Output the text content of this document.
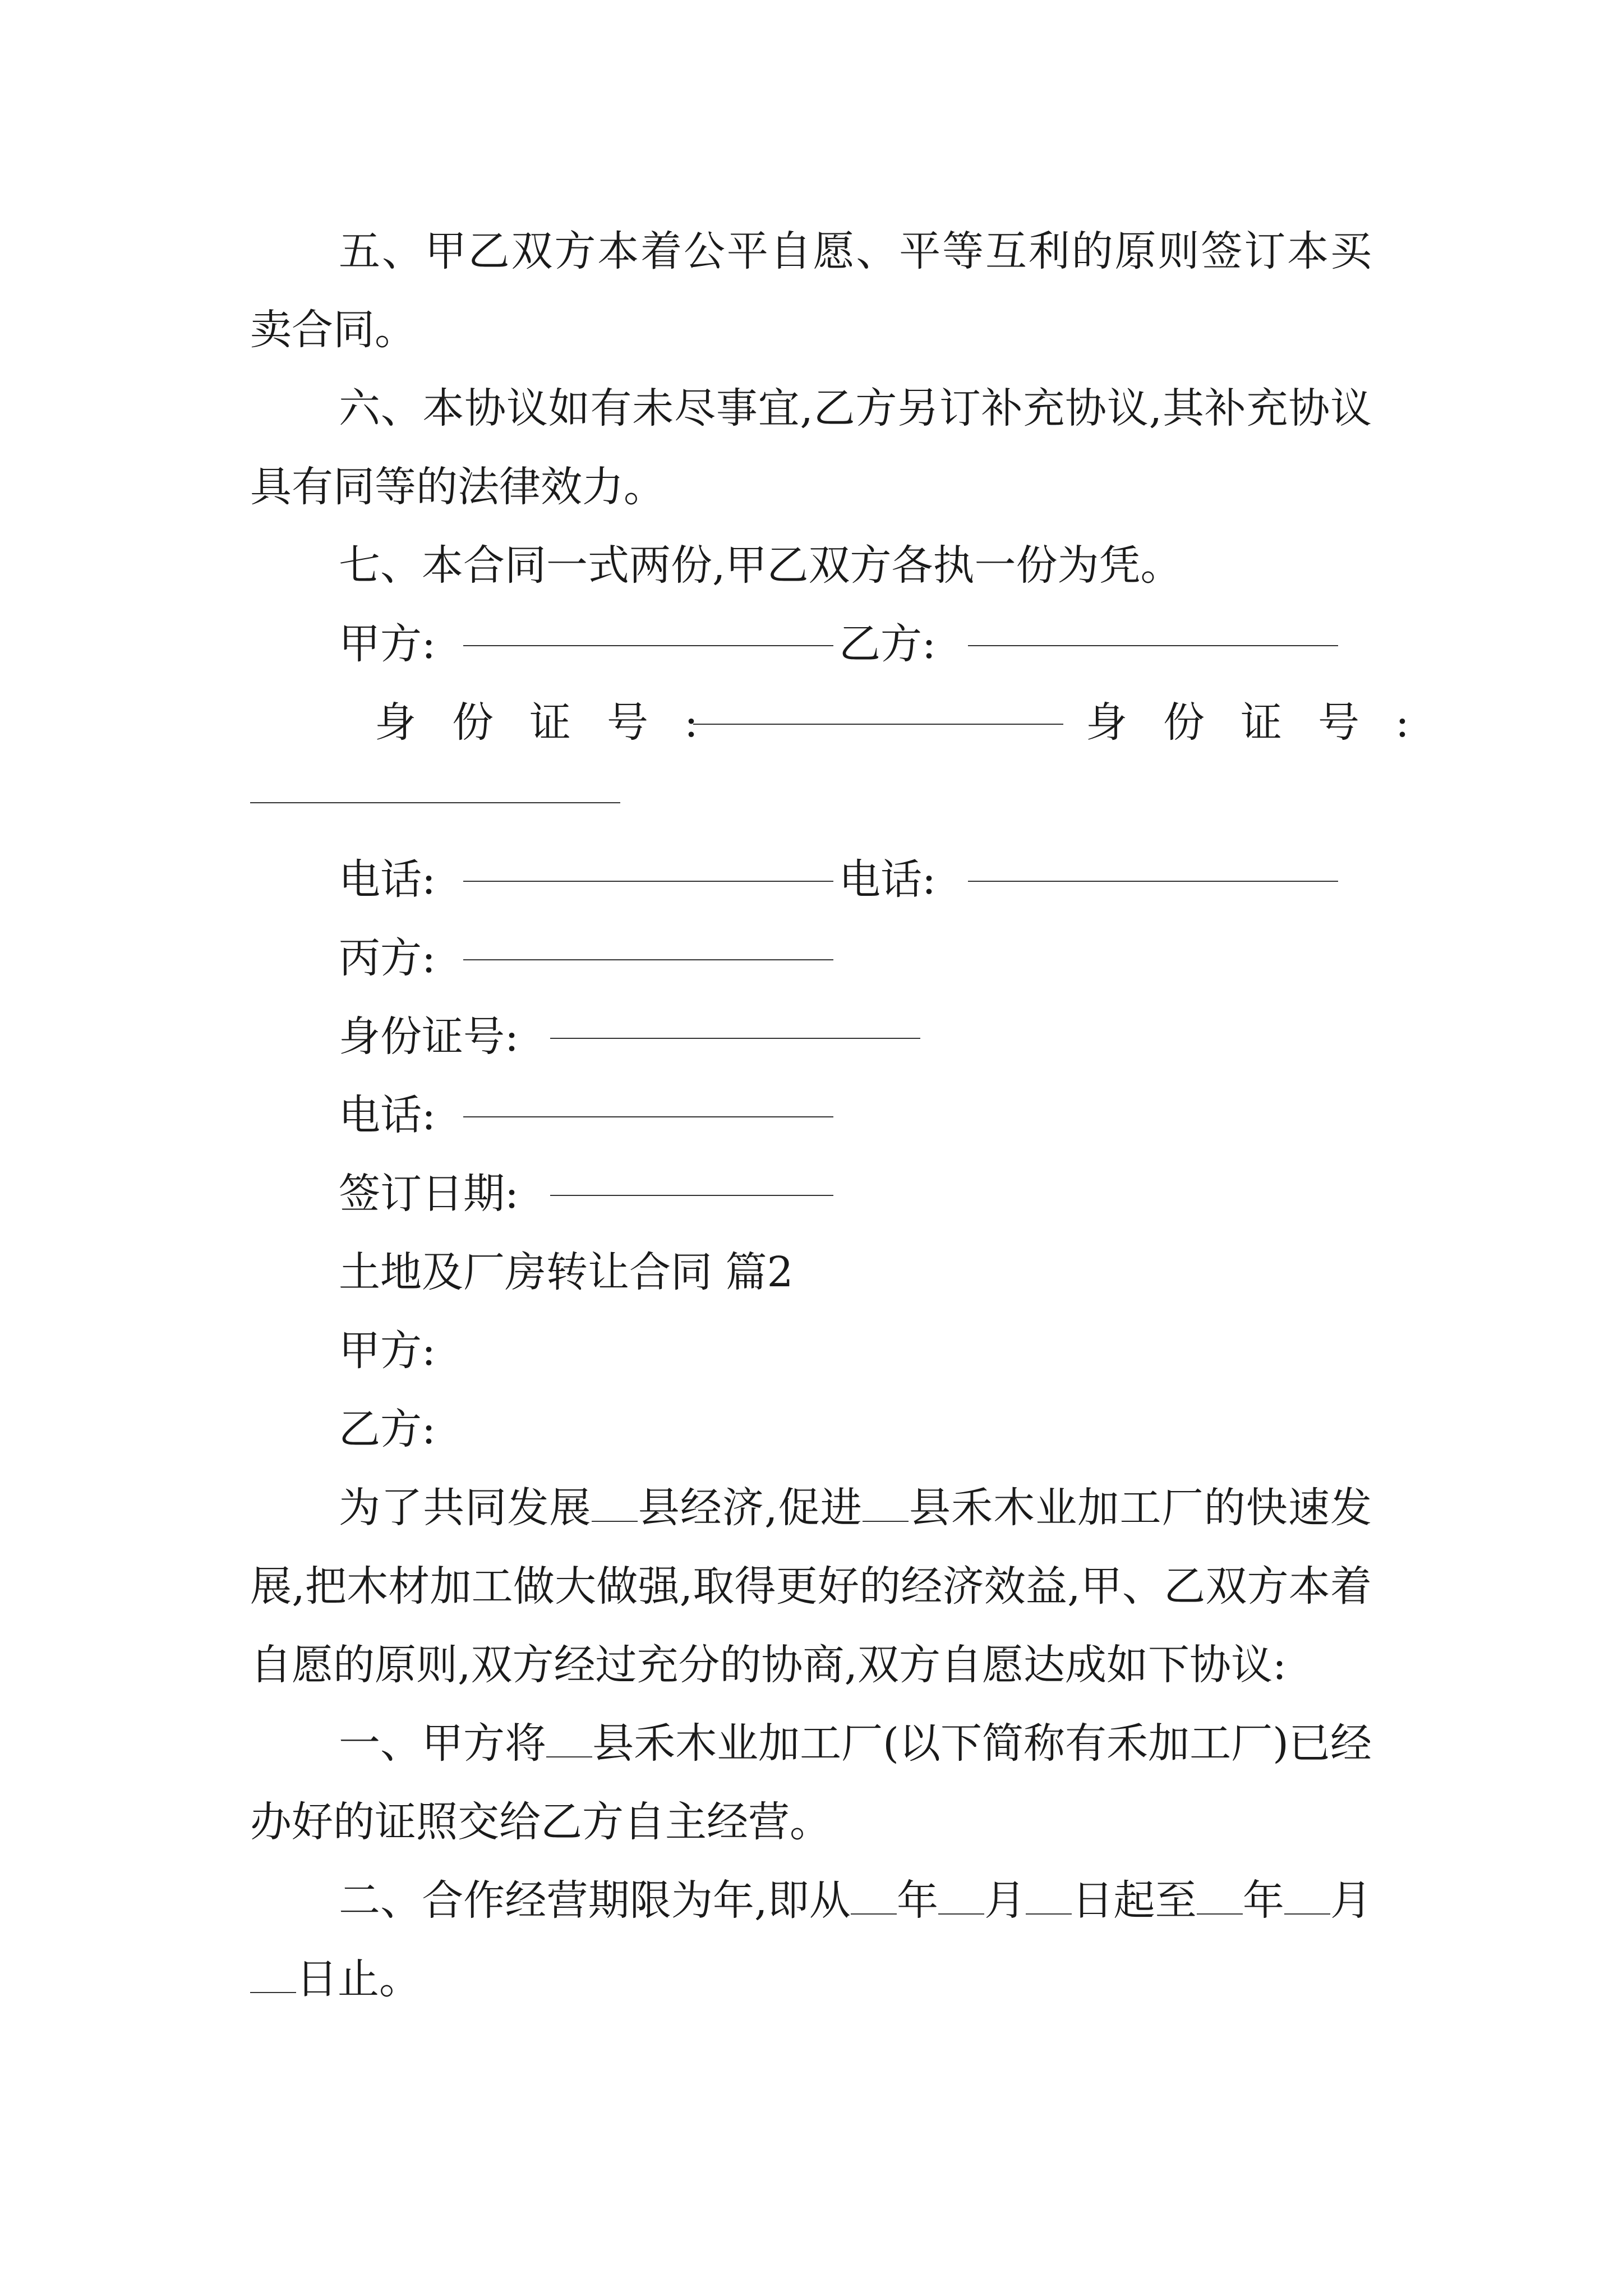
五、甲乙双方本着公平自愿、平等互利的原则签订本买卖合同。

六、本协议如有未尽事宜,乙方另订补充协议,其补充协议具有同等的法律效力。

七、本合同一式两份,甲乙双方各执一份为凭。

甲方:	乙方:
身份证号:	身份证号:
电话:	电话:
丙方:
身份证号:
电话:
签订日期:

土地及厂房转让合同 篇2

甲方:

乙方:

为了共同发展 县经济,促进 县禾木业加工厂的快速发展,把木材加工做大做强,取得更好的经济效益,甲、乙双方本着自愿的原则,双方经过充分的协商,双方自愿达成如下协议:

一、甲方将 县禾木业加工厂(以下简称有禾加工厂)已经办好的证照交给乙方自主经营。

二、合作经营期限为年,即从 年 月 日起至 年 月日止。
